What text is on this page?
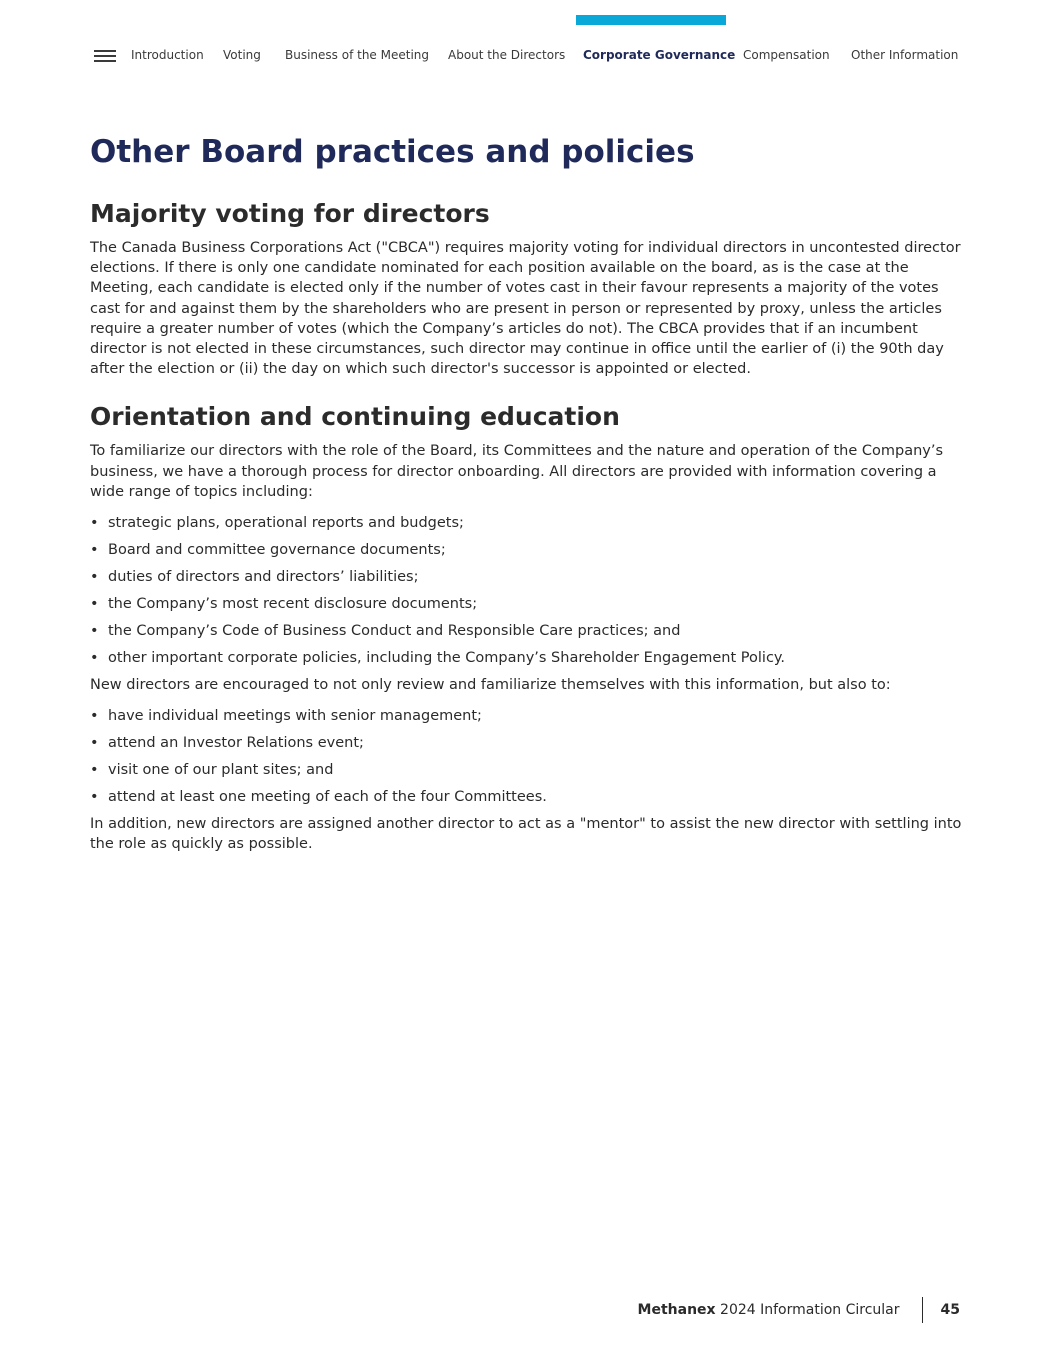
Introduction Voting Business of the Meeting About the Directors Corporate Governance Compensation Other Information
Other Board practices and policies
Majority voting for directors

The Canada Business Corporations Act ("CBCA") requires majority voting for individual directors in uncontested director elections. If there is only one candidate nominated for each position available on the board, as is the case at the Meeting, each candidate is elected only if the number of votes cast in their favour represents a majority of the votes cast for and against them by the shareholders who are present in person or represented by proxy, unless the articles require a greater number of votes (which the Company’s articles do not). The CBCA provides that if an incumbent director is not elected in these circumstances, such director may continue in office until the earlier of (i) the 90th day after the election or (ii) the day on which such director's successor is appointed or elected.

Orientation and continuing education

To familiarize our directors with the role of the Board, its Committees and the nature and operation of the Company’s business, we have a thorough process for director onboarding. All directors are provided with information covering a wide range of topics including:

• strategic plans, operational reports and budgets;
• Board and committee governance documents;
• duties of directors and directors’ liabilities;
• the Company’s most recent disclosure documents;
• the Company’s Code of Business Conduct and Responsible Care practices; and
• other important corporate policies, including the Company’s Shareholder Engagement Policy.

New directors are encouraged to not only review and familiarize themselves with this information, but also to:

• have individual meetings with senior management;
• attend an Investor Relations event;
• visit one of our plant sites; and
• attend at least one meeting of each of the four Committees.

In addition, new directors are assigned another director to act as a "mentor" to assist the new director with settling into the role as quickly as possible.

Methanex
2024 Information Circular	45
